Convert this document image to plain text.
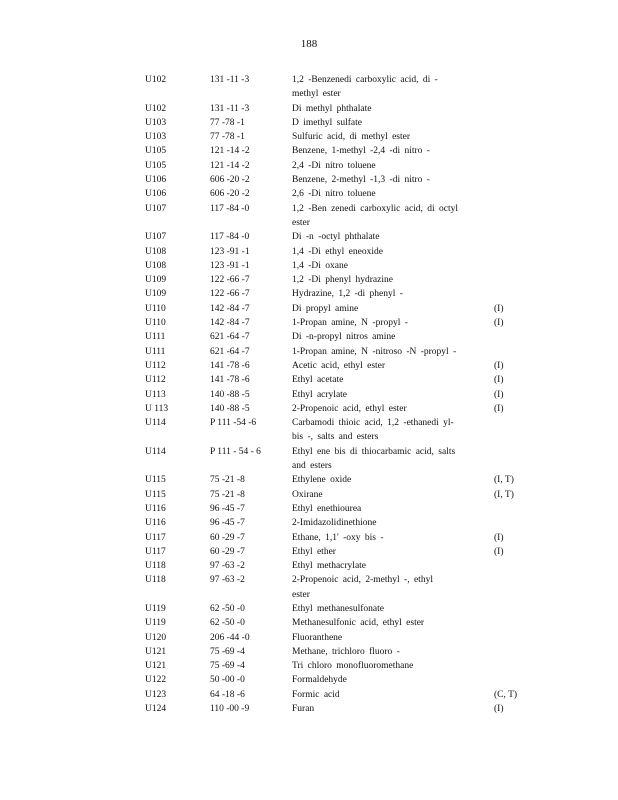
188
U102	131 -11 -3	1,2 -Benzenedi carboxylic acid, di -
methyl ester
U102	131 -11 -3	Di methyl phthalate
U103	77 -78 -1	D imethyl sulfate
U103	77 -78 -1	Sulfuric acid, di methyl ester
U105	121 -14 -2	Benzene, 1-methyl -2,4 -di nitro -
U105	121 -14 -2	2,4 -Di nitro toluene
U106	606 -20 -2	Benzene, 2-methyl -1,3 -di nitro -
U106	606 -20 -2	2,6 -Di nitro toluene
U107	117 -84 -0	1,2 -Ben zenedi carboxylic acid, di octyl
ester
U107	117 -84 -0	Di -n -octyl phthalate
U108	123 -91 -1	1,4 -Di ethyl eneoxide
U108	123 -91 -1	1,4 -Di oxane
U109	122 -66 -7	1,2 -Di phenyl hydrazine
U109	122 -66 -7	Hydrazine, 1,2 -di phenyl -
U110	142 -84 -7	Di propyl amine	(I)
U110	142 -84 -7	1-Propan amine, N -propyl -	(I)
U111	621 -64 -7	Di -n-propyl nitros amine
U111	621 -64 -7	1-Propan amine, N -nitroso -N -propyl -
U112	141 -78 -6	Acetic acid, ethyl ester	(I)
U112	141 -78 -6	Ethyl acetate	(I)
U113	140 -88 -5	Ethyl acrylate	(I)
U 113	140 -88 -5	2-Propenoic acid, ethyl ester	(I)
U114	P 111 -54 -6	Carbamodi thioic acid, 1,2 -ethanedi yl-
bis -, salts and esters
U114	P 111 - 54 - 6	Ethyl ene bis di thiocarbamic acid, salts
and esters
U115	75 -21 -8	Ethylene oxide	(I, T)
U115	75 -21 -8	Oxirane	(I, T)
U116	96 -45 -7	Ethyl enethiourea
U116	96 -45 -7	2-Imidazolidinethione
U117	60 -29 -7	Ethane, 1,1' -oxy bis -	(I)
U117	60 -29 -7	Ethyl ether	(I)
U118	97 -63 -2	Ethyl methacrylate
U118	97 -63 -2	2-Propenoic acid, 2-methyl -, ethyl
ester
U119	62 -50 -0	Ethyl methanesulfonate
U119	62 -50 -0	Methanesulfonic acid, ethyl ester
U120	206 -44 -0	Fluoranthene
U121	75 -69 -4	Methane, trichloro fluoro -
U121	75 -69 -4	Tri chloro monofluoromethane
U122	50 -00 -0	Formaldehyde
U123	64 -18 -6	Formic acid	(C, T)
U124	110 -00 -9	Furan	(I)
